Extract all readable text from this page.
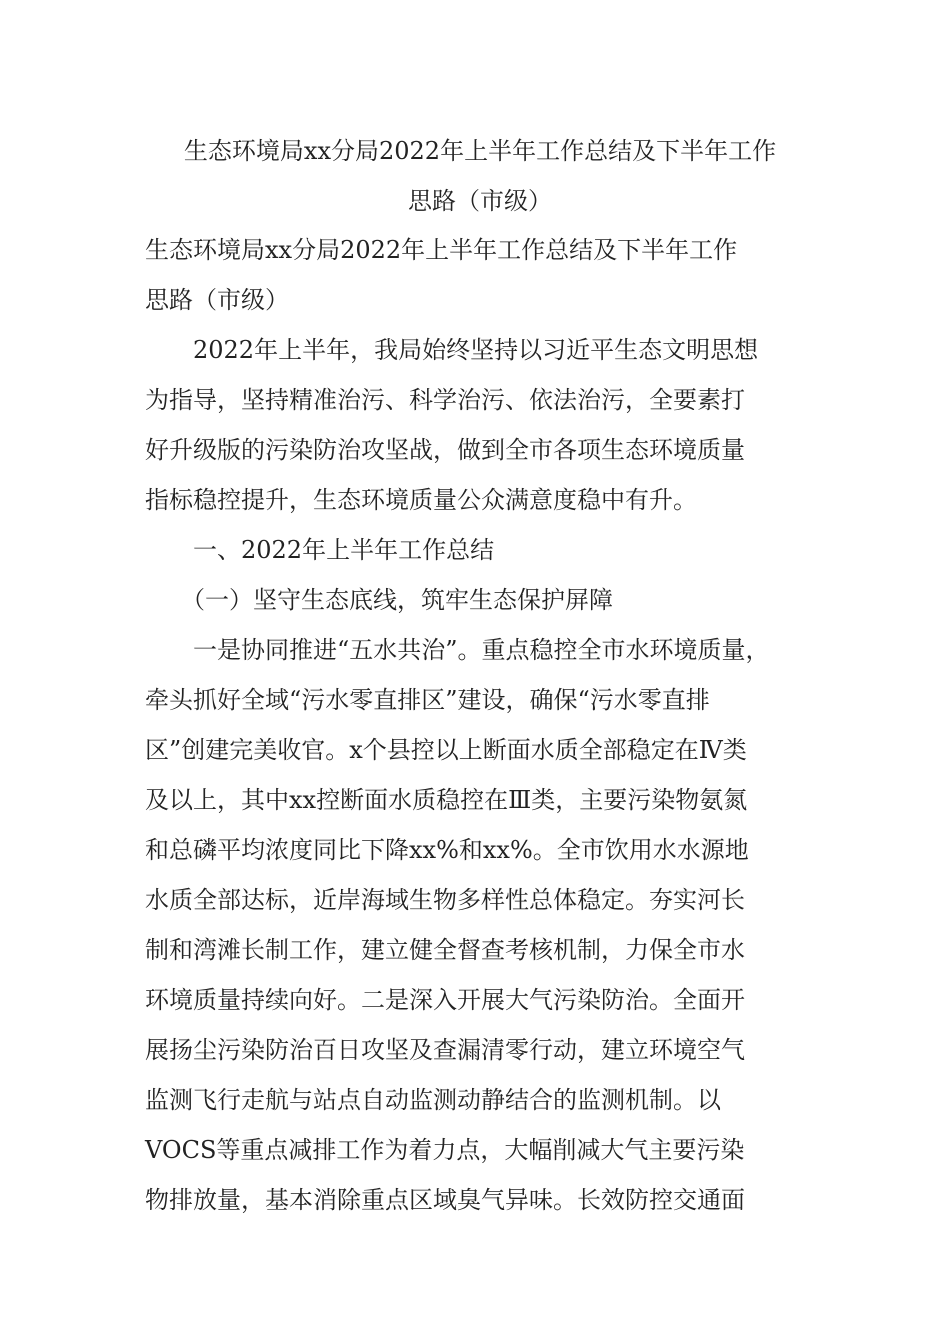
生态环境局xx分局2022年上半年工作总结及下半年工作
思路（市级）
生态环境局xx分局2022年上半年工作总结及下半年工作
思路（市级）
　　2022年上半年，我局始终坚持以习近平生态文明思想
为指导，坚持精准治污、科学治污、依法治污，全要素打
好升级版的污染防治攻坚战，做到全市各项生态环境质量
指标稳控提升，生态环境质量公众满意度稳中有升。
　　一、2022年上半年工作总结
　　（一）坚守生态底线，筑牢生态保护屏障
　　一是协同推进“五水共治”。重点稳控全市水环境质量，
牵头抓好全域“污水零直排区”建设，确保“污水零直排
区”创建完美收官。x个县控以上断面水质全部稳定在Ⅳ类
及以上，其中xx控断面水质稳控在Ⅲ类，主要污染物氨氮
和总磷平均浓度同比下降xx%和xx%。全市饮用水水源地
水质全部达标，近岸海域生物多样性总体稳定。夯实河长
制和湾滩长制工作，建立健全督查考核机制，力保全市水
环境质量持续向好。二是深入开展大气污染防治。全面开
展扬尘污染防治百日攻坚及查漏清零行动，建立环境空气
监测飞行走航与站点自动监测动静结合的监测机制。以
VOCS等重点减排工作为着力点，大幅削减大气主要污染
物排放量，基本消除重点区域臭气异味。长效防控交通面
